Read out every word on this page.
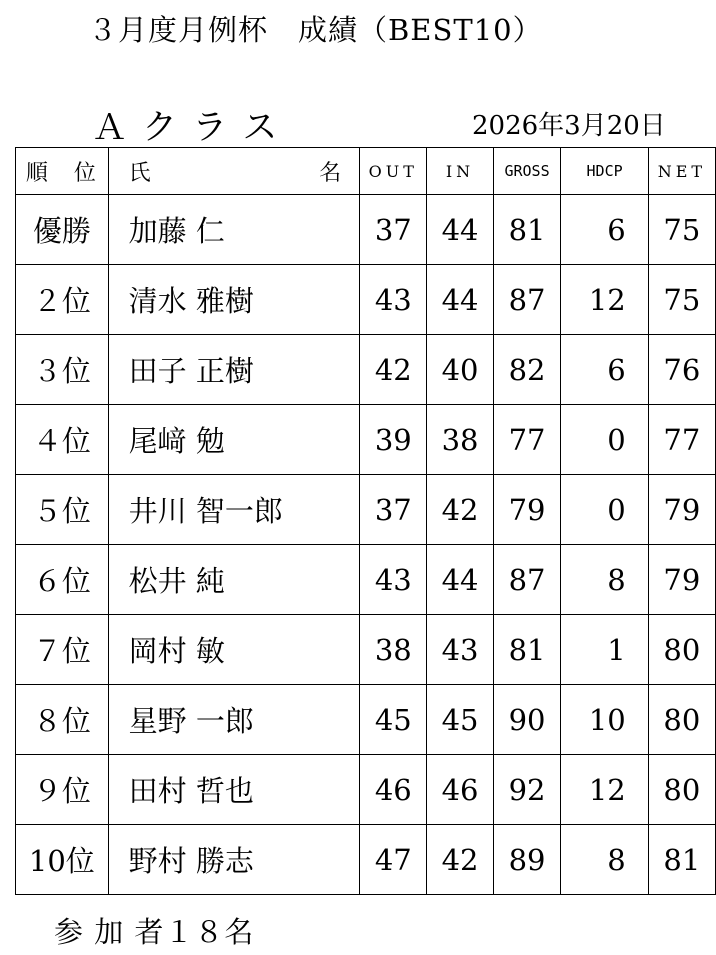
３月度月例杯　成績（BEST10）
Ａ ク ラ ス	2026年3月20日
順　位	氏 名	OUT	IN	GROSS	HDCP	NET
優勝	加藤 仁	37	44	81	6	75
２位	清水 雅樹	43	44	87	12	75
３位	田子 正樹	42	40	82	6	76
４位	尾﨑 勉	39	38	77	0	77
５位	井川 智一郎	37	42	79	0	79
６位	松井 純	43	44	87	8	79
７位	岡村 敏	38	43	81	1	80
８位	星野 一郎	45	45	90	10	80
９位	田村 哲也	46	46	92	12	80
10位	野村 勝志	47	42	89	8	81
参 加 者１８名
